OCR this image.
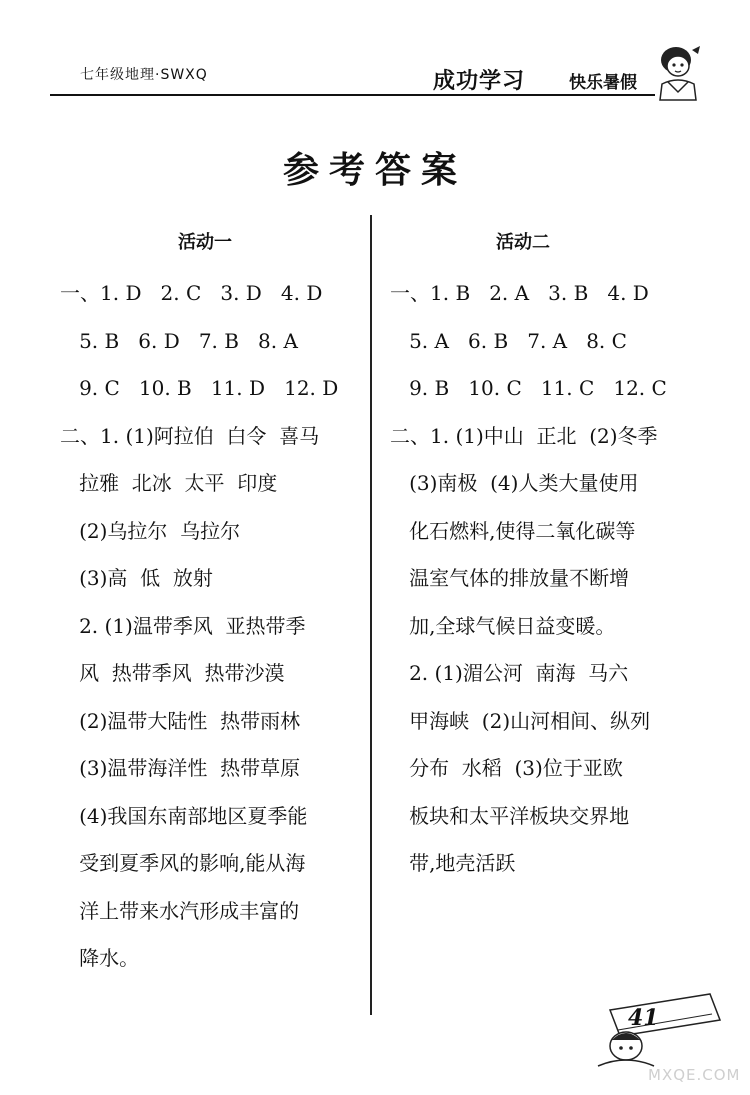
七年级地理·SWXQ	成功学习	快乐暑假
参考答案
活动一
一、1. D   2. C   3. D   4. D
5. B   6. D   7. B   8. A
9. C   10. B   11. D   12. D
二、1. (1)阿拉伯  白令  喜马
拉雅  北冰  太平  印度
(2)乌拉尔  乌拉尔
(3)高  低  放射
2. (1)温带季风  亚热带季
风  热带季风  热带沙漠
(2)温带大陆性  热带雨林
(3)温带海洋性  热带草原
(4)我国东南部地区夏季能
受到夏季风的影响,能从海
洋上带来水汽形成丰富的
降水。
活动二
一、1. B   2. A   3. B   4. D
5. A   6. B   7. A   8. C
9. B   10. C   11. C   12. C
二、1. (1)中山  正北  (2)冬季
(3)南极  (4)人类大量使用
化石燃料,使得二氧化碳等
温室气体的排放量不断增
加,全球气候日益变暖。
2. (1)湄公河  南海  马六
甲海峡  (2)山河相间、纵列
分布  水稻  (3)位于亚欧
板块和太平洋板块交界地
带,地壳活跃
41
MXQE.COM
